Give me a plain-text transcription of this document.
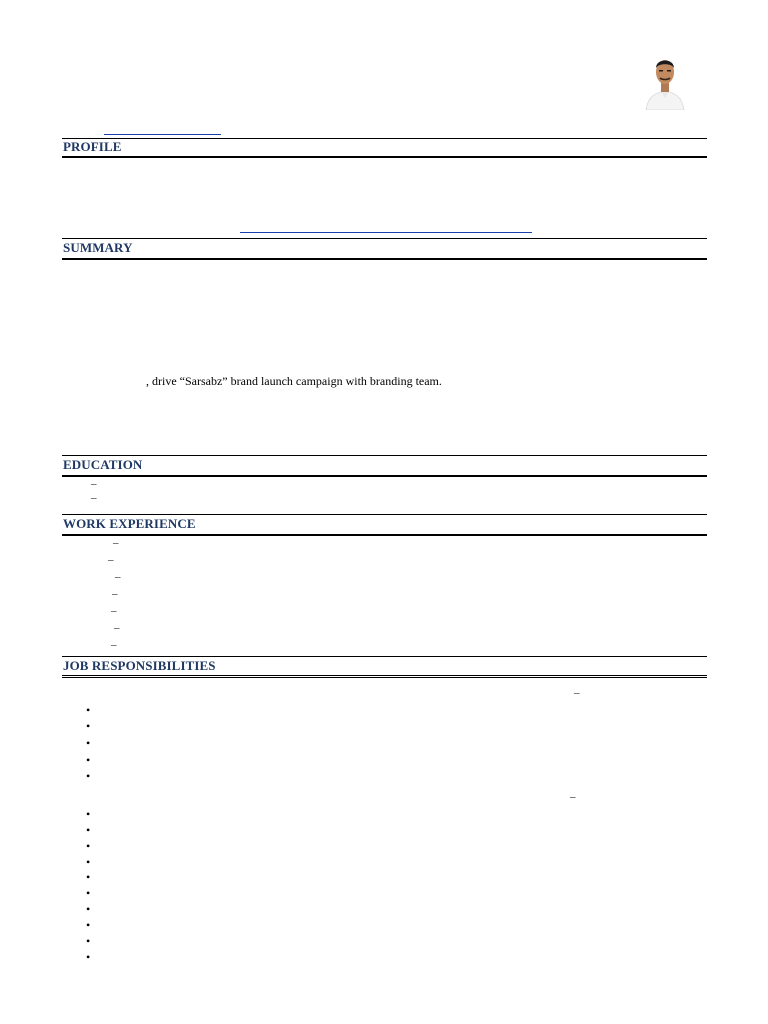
PROFILE
SUMMARY
, drive “Sarsabz” brand launch campaign with branding team.
EDUCATION
–
–
WORK EXPERIENCE
–
–
–
–
–
–
–
JOB RESPONSIBILITIES
–
•
•
•
•
•
–
•
•
•
•
•
•
•
•
•
•
